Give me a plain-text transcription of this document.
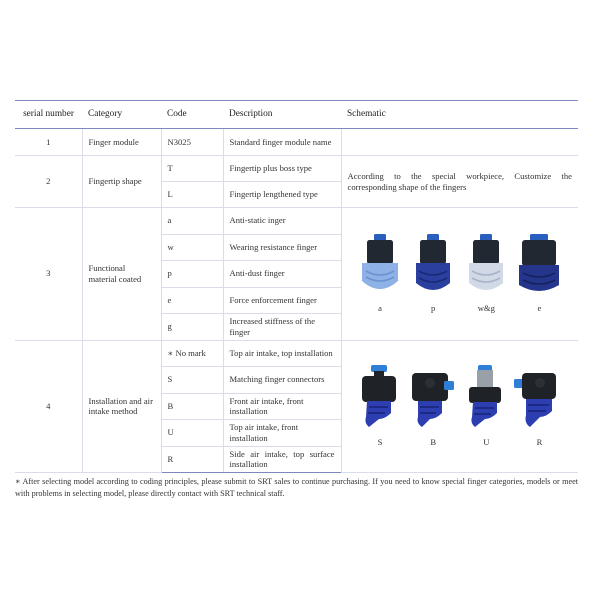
serial number	Category	Code	Description	Schematic
1	Finger module	N3025	Standard finger module name	
2	Fingertip shape	T	Fingertip plus boss type	According to the special workpiece, Customize the corresponding shape of the fingers
		L	Fingertip lengthened type	
3	Functional material coated	a	Anti-static inger	a p w&g e

		w	Wearing resistance finger	
		p	Anti-dust finger	
		e	Force enforcement finger	
		g	Increased stiffness of the finger	
4	Installation and air intake method	∗ No mark	Top air intake, top installation	S B U R

		S	Matching finger connectors	
		B	Front air intake, front installation	
		U	Top air intake, front installation	
		R	Side air intake, top surface installation	

∗ After selecting model according to coding principles, please submit to SRT sales to continue purchasing. If you need to know special finger categories, models or meet with problems in selecting model, please directly contact with SRT technical staff.
